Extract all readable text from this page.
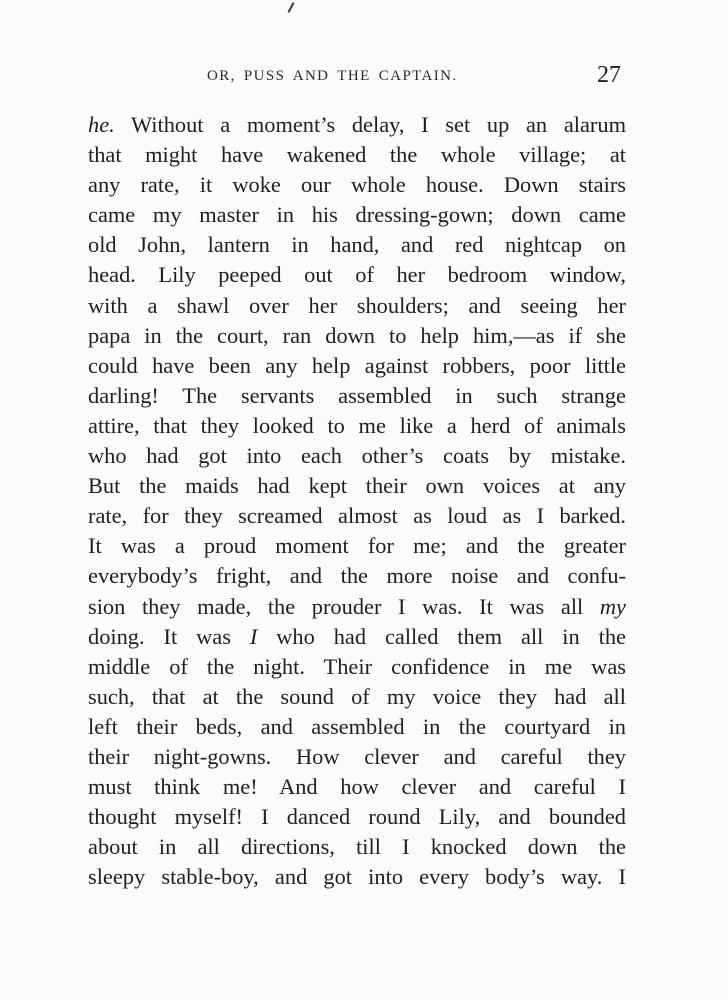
OR, PUSS AND THE CAPTAIN.	27
he. Without a moment’s delay, I set up an alarum
that might have wakened the whole village; at
any rate, it woke our whole house. Down stairs
came my master in his dressing-gown; down came
old John, lantern in hand, and red nightcap on
head. Lily peeped out of her bedroom window,
with a shawl over her shoulders; and seeing her
papa in the court, ran down to help him,—as if she
could have been any help against robbers, poor little
darling! The servants assembled in such strange
attire, that they looked to me like a herd of animals
who had got into each other’s coats by mistake.
But the maids had kept their own voices at any
rate, for they screamed almost as loud as I barked.
It was a proud moment for me; and the greater
everybody’s fright, and the more noise and confu-
sion they made, the prouder I was. It was all my
doing. It was I who had called them all in the
middle of the night. Their confidence in me was
such, that at the sound of my voice they had all
left their beds, and assembled in the courtyard in
their night-gowns. How clever and careful they
must think me! And how clever and careful I
thought myself! I danced round Lily, and bounded
about in all directions, till I knocked down the
sleepy stable-boy, and got into every body’s way. I
